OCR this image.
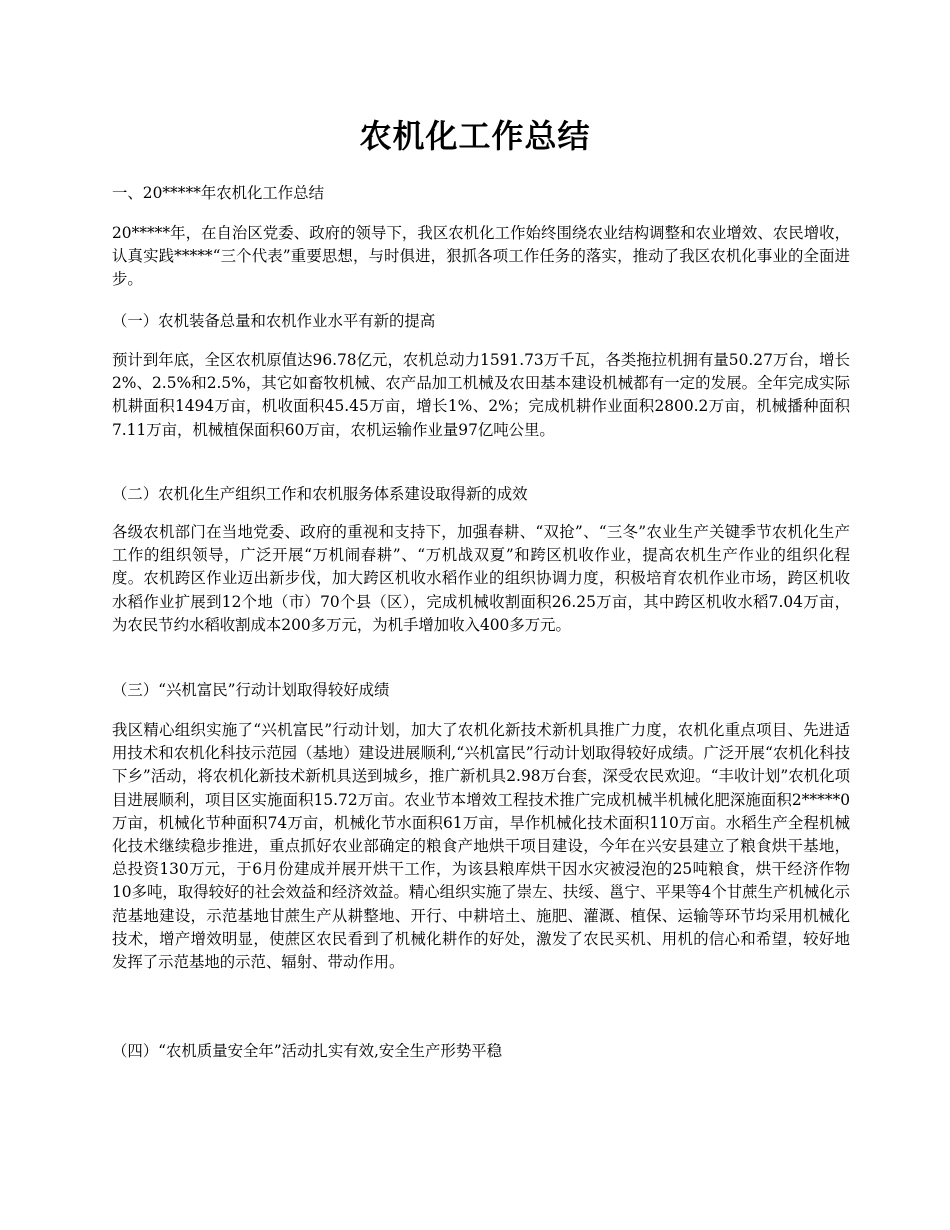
农机化工作总结
一、20*****年农机化工作总结
20*****年，在自治区党委、政府的领导下，我区农机化工作始终围绕农业结构调整和农业增效、农民增收，认真实践*****“三个代表”重要思想，与时俱进，狠抓各项工作任务的落实，推动了我区农机化事业的全面进步。
（一）农机装备总量和农机作业水平有新的提高
预计到年底，全区农机原值达96.78亿元，农机总动力1591.73万千瓦，各类拖拉机拥有量50.27万台，增长2%、2.5%和2.5%，其它如畜牧机械、农产品加工机械及农田基本建设机械都有一定的发展。全年完成实际机耕面积1494万亩，机收面积45.45万亩，增长1%、2%；完成机耕作业面积2800.2万亩，机械播种面积7.11万亩，机械植保面积60万亩，农机运输作业量97亿吨公里。
（二）农机化生产组织工作和农机服务体系建设取得新的成效
各级农机部门在当地党委、政府的重视和支持下，加强春耕、“双抢”、“三冬”农业生产关键季节农机化生产工作的组织领导，广泛开展“万机闹春耕”、“万机战双夏”和跨区机收作业，提高农机生产作业的组织化程度。农机跨区作业迈出新步伐，加大跨区机收水稻作业的组织协调力度，积极培育农机作业市场，跨区机收水稻作业扩展到12个地（市）70个县（区），完成机械收割面积26.25万亩，其中跨区机收水稻7.04万亩，为农民节约水稻收割成本200多万元，为机手增加收入400多万元。
（三）“兴机富民”行动计划取得较好成绩
我区精心组织实施了“兴机富民”行动计划，加大了农机化新技术新机具推广力度，农机化重点项目、先进适用技术和农机化科技示范园（基地）建设进展顺利,“兴机富民”行动计划取得较好成绩。广泛开展“农机化科技下乡”活动，将农机化新技术新机具送到城乡，推广新机具2.98万台套，深受农民欢迎。“丰收计划”农机化项目进展顺利，项目区实施面积15.72万亩。农业节本增效工程技术推广完成机械半机械化肥深施面积2*****0万亩，机械化节种面积74万亩，机械化节水面积61万亩，旱作机械化技术面积110万亩。水稻生产全程机械化技术继续稳步推进，重点抓好农业部确定的粮食产地烘干项目建设，今年在兴安县建立了粮食烘干基地，总投资130万元，于6月份建成并展开烘干工作，为该县粮库烘干因水灾被浸泡的25吨粮食，烘干经济作物10多吨，取得较好的社会效益和经济效益。精心组织实施了崇左、扶绥、邕宁、平果等4个甘蔗生产机械化示范基地建设，示范基地甘蔗生产从耕整地、开行、中耕培土、施肥、灌溉、植保、运输等环节均采用机械化技术，增产增效明显，使蔗区农民看到了机械化耕作的好处，激发了农民买机、用机的信心和希望，较好地发挥了示范基地的示范、辐射、带动作用。
（四）“农机质量安全年”活动扎实有效,安全生产形势平稳
